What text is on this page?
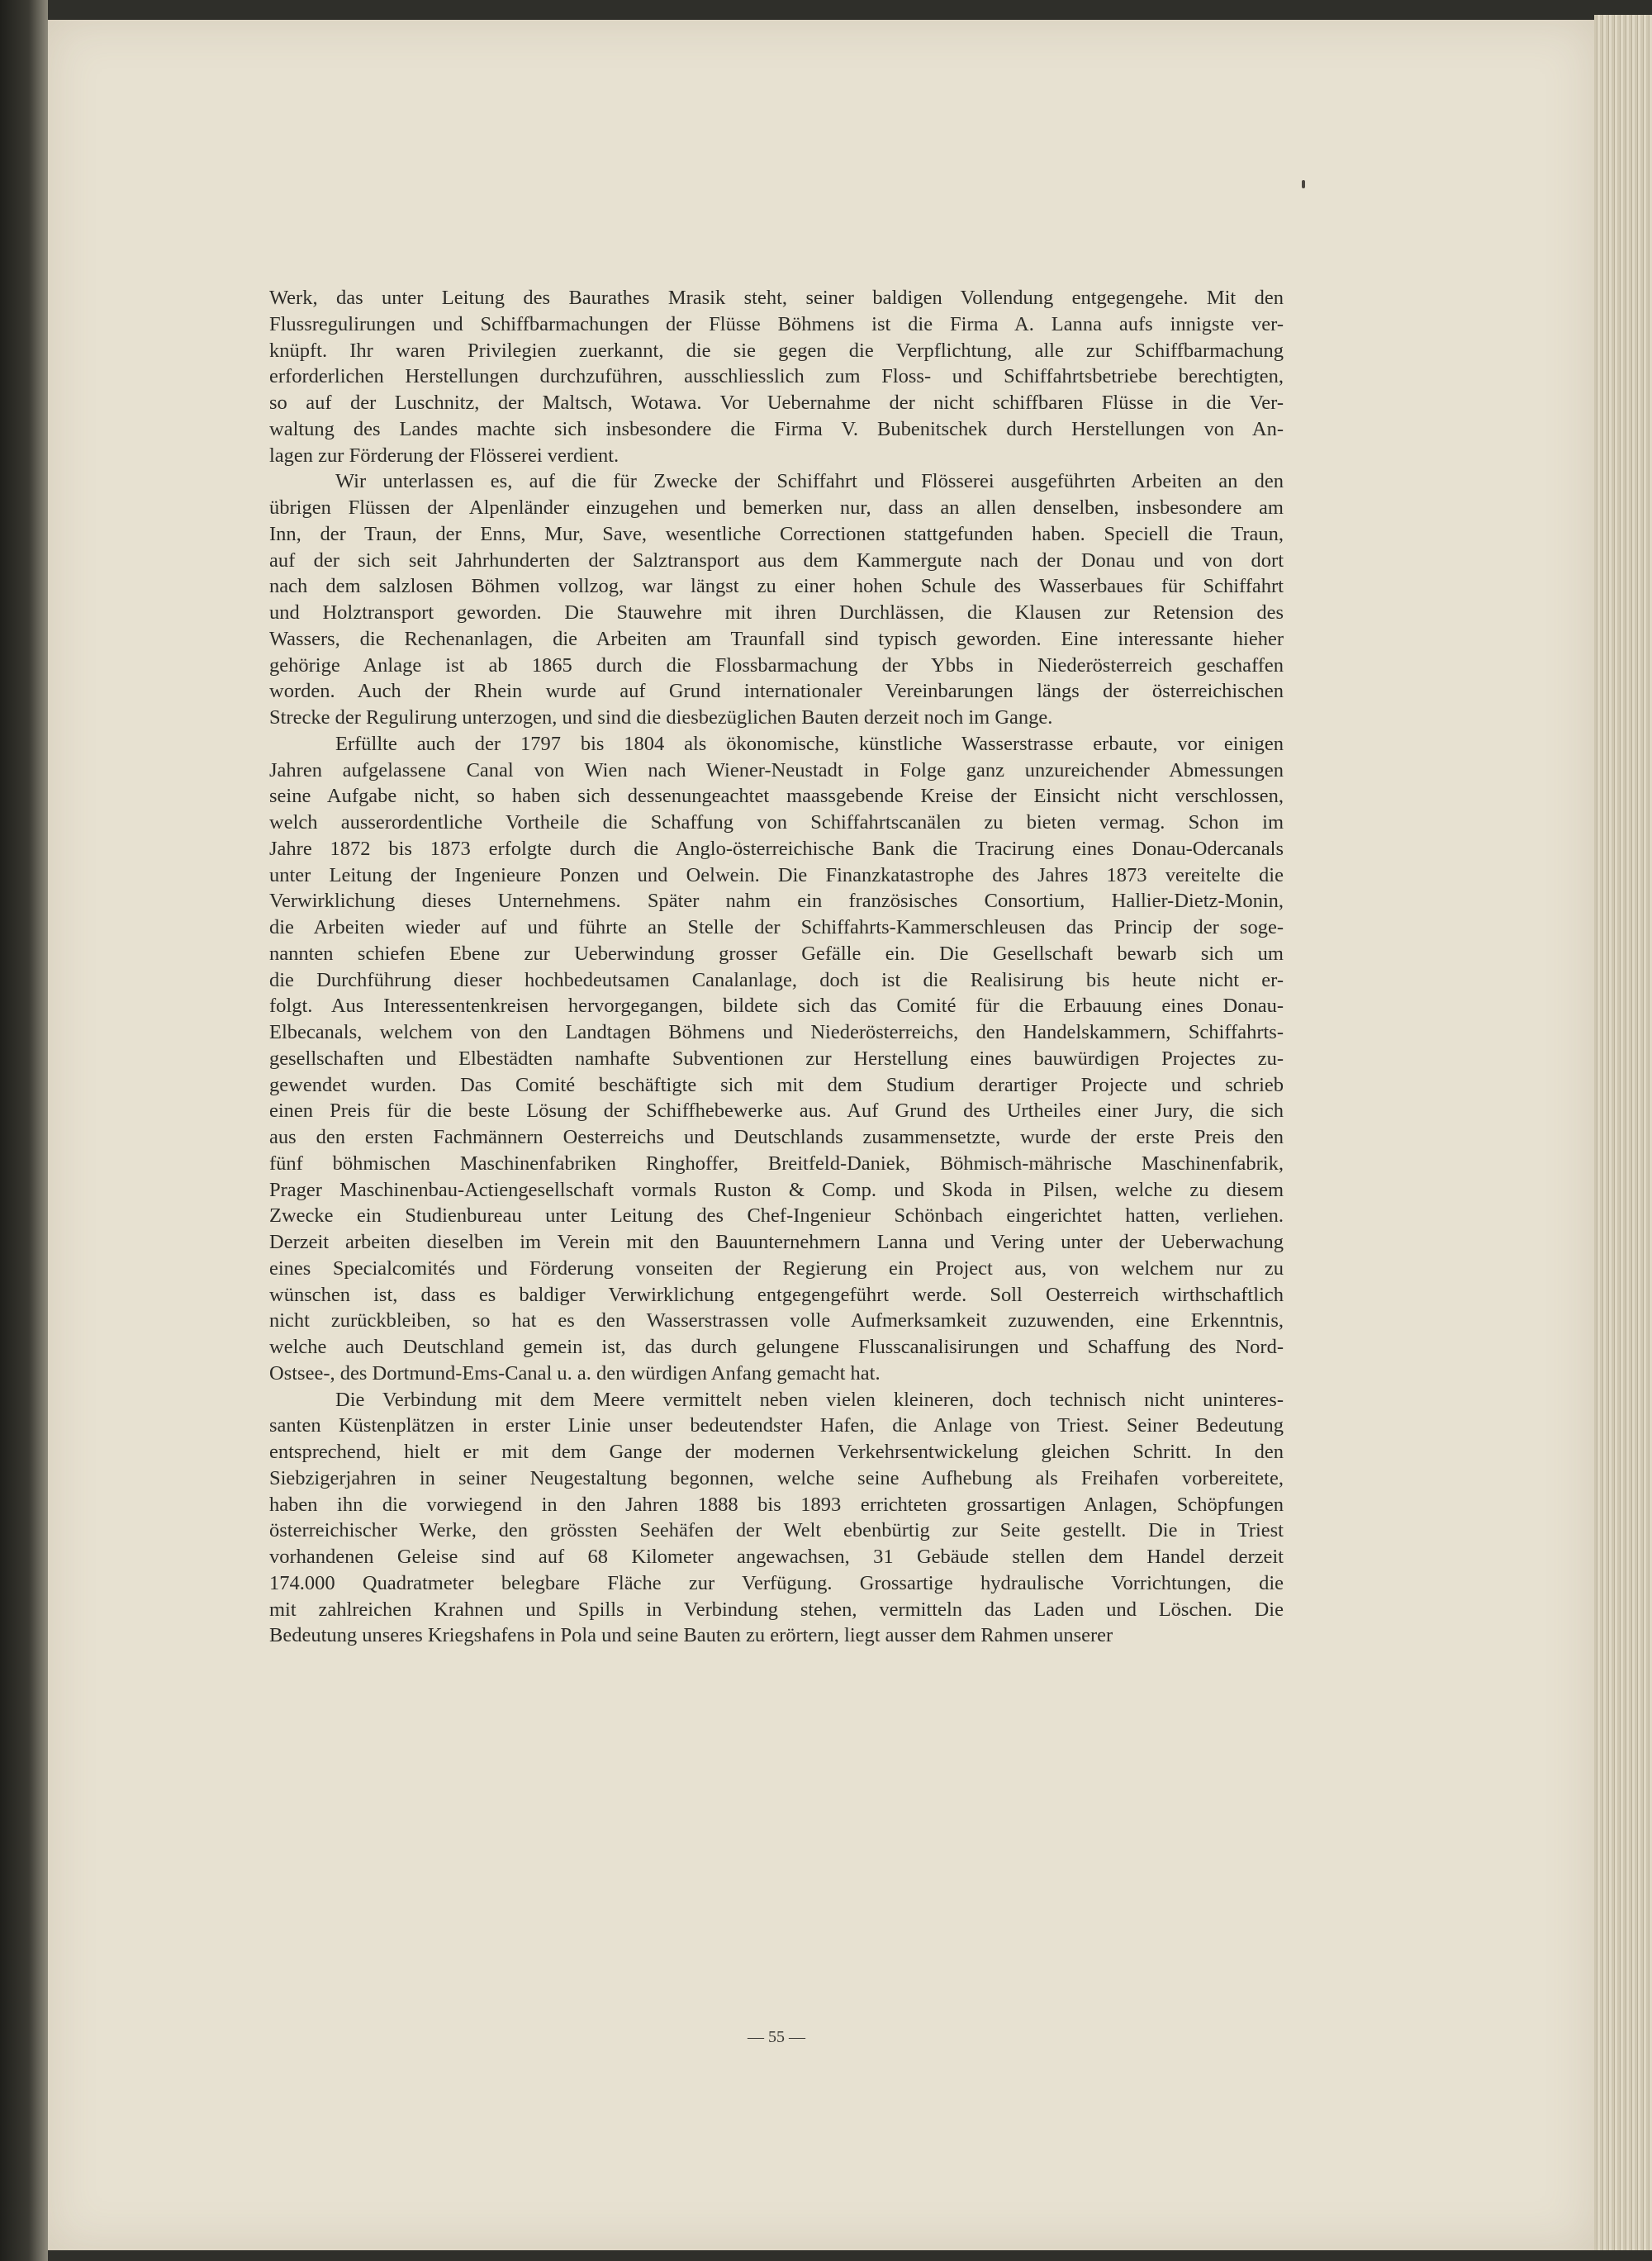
Werk, das unter Leitung des Baurathes Mrasik steht, seiner baldigen Vollendung entgegengehe. Mit den
Flussregulirungen und Schiffbarmachungen der Flüsse Böhmens ist die Firma A. Lanna aufs innigste ver-
knüpft. Ihr waren Privilegien zuerkannt, die sie gegen die Verpflichtung, alle zur Schiffbarmachung
erforderlichen Herstellungen durchzuführen, ausschliesslich zum Floss- und Schiffahrtsbetriebe berechtigten,
so auf der Luschnitz, der Maltsch, Wotawa. Vor Uebernahme der nicht schiffbaren Flüsse in die Ver-
waltung des Landes machte sich insbesondere die Firma V. Bubenitschek durch Herstellungen von An-
lagen zur Förderung der Flösserei verdient.
Wir unterlassen es, auf die für Zwecke der Schiffahrt und Flösserei ausgeführten Arbeiten an den
übrigen Flüssen der Alpenländer einzugehen und bemerken nur, dass an allen denselben, insbesondere am
Inn, der Traun, der Enns, Mur, Save, wesentliche Correctionen stattgefunden haben. Speciell die Traun,
auf der sich seit Jahrhunderten der Salztransport aus dem Kammergute nach der Donau und von dort
nach dem salzlosen Böhmen vollzog, war längst zu einer hohen Schule des Wasserbaues für Schiffahrt
und Holztransport geworden. Die Stauwehre mit ihren Durchlässen, die Klausen zur Retension des
Wassers, die Rechenanlagen, die Arbeiten am Traunfall sind typisch geworden. Eine interessante hieher
gehörige Anlage ist ab 1865 durch die Flossbarmachung der Ybbs in Niederösterreich geschaffen
worden. Auch der Rhein wurde auf Grund internationaler Vereinbarungen längs der österreichischen
Strecke der Regulirung unterzogen, und sind die diesbezüglichen Bauten derzeit noch im Gange.
Erfüllte auch der 1797 bis 1804 als ökonomische, künstliche Wasserstrasse erbaute, vor einigen
Jahren aufgelassene Canal von Wien nach Wiener-Neustadt in Folge ganz unzureichender Abmessungen
seine Aufgabe nicht, so haben sich dessenungeachtet maassgebende Kreise der Einsicht nicht verschlossen,
welch ausserordentliche Vortheile die Schaffung von Schiffahrtscanälen zu bieten vermag. Schon im
Jahre 1872 bis 1873 erfolgte durch die Anglo-österreichische Bank die Tracirung eines Donau-Odercanals
unter Leitung der Ingenieure Ponzen und Oelwein. Die Finanzkatastrophe des Jahres 1873 vereitelte die
Verwirklichung dieses Unternehmens. Später nahm ein französisches Consortium, Hallier-Dietz-Monin,
die Arbeiten wieder auf und führte an Stelle der Schiffahrts-Kammerschleusen das Princip der soge-
nannten schiefen Ebene zur Ueberwindung grosser Gefälle ein. Die Gesellschaft bewarb sich um
die Durchführung dieser hochbedeutsamen Canalanlage, doch ist die Realisirung bis heute nicht er-
folgt. Aus Interessentenkreisen hervorgegangen, bildete sich das Comité für die Erbauung eines Donau-
Elbecanals, welchem von den Landtagen Böhmens und Niederösterreichs, den Handelskammern, Schiffahrts-
gesellschaften und Elbestädten namhafte Subventionen zur Herstellung eines bauwürdigen Projectes zu-
gewendet wurden. Das Comité beschäftigte sich mit dem Studium derartiger Projecte und schrieb
einen Preis für die beste Lösung der Schiffhebewerke aus. Auf Grund des Urtheiles einer Jury, die sich
aus den ersten Fachmännern Oesterreichs und Deutschlands zusammensetzte, wurde der erste Preis den
fünf böhmischen Maschinenfabriken Ringhoffer, Breitfeld-Daniek, Böhmisch-mährische Maschinenfabrik,
Prager Maschinenbau-Actiengesellschaft vormals Ruston & Comp. und Skoda in Pilsen, welche zu diesem
Zwecke ein Studienbureau unter Leitung des Chef-Ingenieur Schönbach eingerichtet hatten, verliehen.
Derzeit arbeiten dieselben im Verein mit den Bauunternehmern Lanna und Vering unter der Ueberwachung
eines Specialcomités und Förderung vonseiten der Regierung ein Project aus, von welchem nur zu
wünschen ist, dass es baldiger Verwirklichung entgegengeführt werde. Soll Oesterreich wirthschaftlich
nicht zurückbleiben, so hat es den Wasserstrassen volle Aufmerksamkeit zuzuwenden, eine Erkenntnis,
welche auch Deutschland gemein ist, das durch gelungene Flusscanalisirungen und Schaffung des Nord-
Ostsee-, des Dortmund-Ems-Canal u. a. den würdigen Anfang gemacht hat.
Die Verbindung mit dem Meere vermittelt neben vielen kleineren, doch technisch nicht uninteres-
santen Küstenplätzen in erster Linie unser bedeutendster Hafen, die Anlage von Triest. Seiner Bedeutung
entsprechend, hielt er mit dem Gange der modernen Verkehrsentwickelung gleichen Schritt. In den
Siebzigerjahren in seiner Neugestaltung begonnen, welche seine Aufhebung als Freihafen vorbereitete,
haben ihn die vorwiegend in den Jahren 1888 bis 1893 errichteten grossartigen Anlagen, Schöpfungen
österreichischer Werke, den grössten Seehäfen der Welt ebenbürtig zur Seite gestellt. Die in Triest
vorhandenen Geleise sind auf 68 Kilometer angewachsen, 31 Gebäude stellen dem Handel derzeit
174.000 Quadratmeter belegbare Fläche zur Verfügung. Grossartige hydraulische Vorrichtungen, die
mit zahlreichen Krahnen und Spills in Verbindung stehen, vermitteln das Laden und Löschen. Die
Bedeutung unseres Kriegshafens in Pola und seine Bauten zu erörtern, liegt ausser dem Rahmen unserer
— 55 —
